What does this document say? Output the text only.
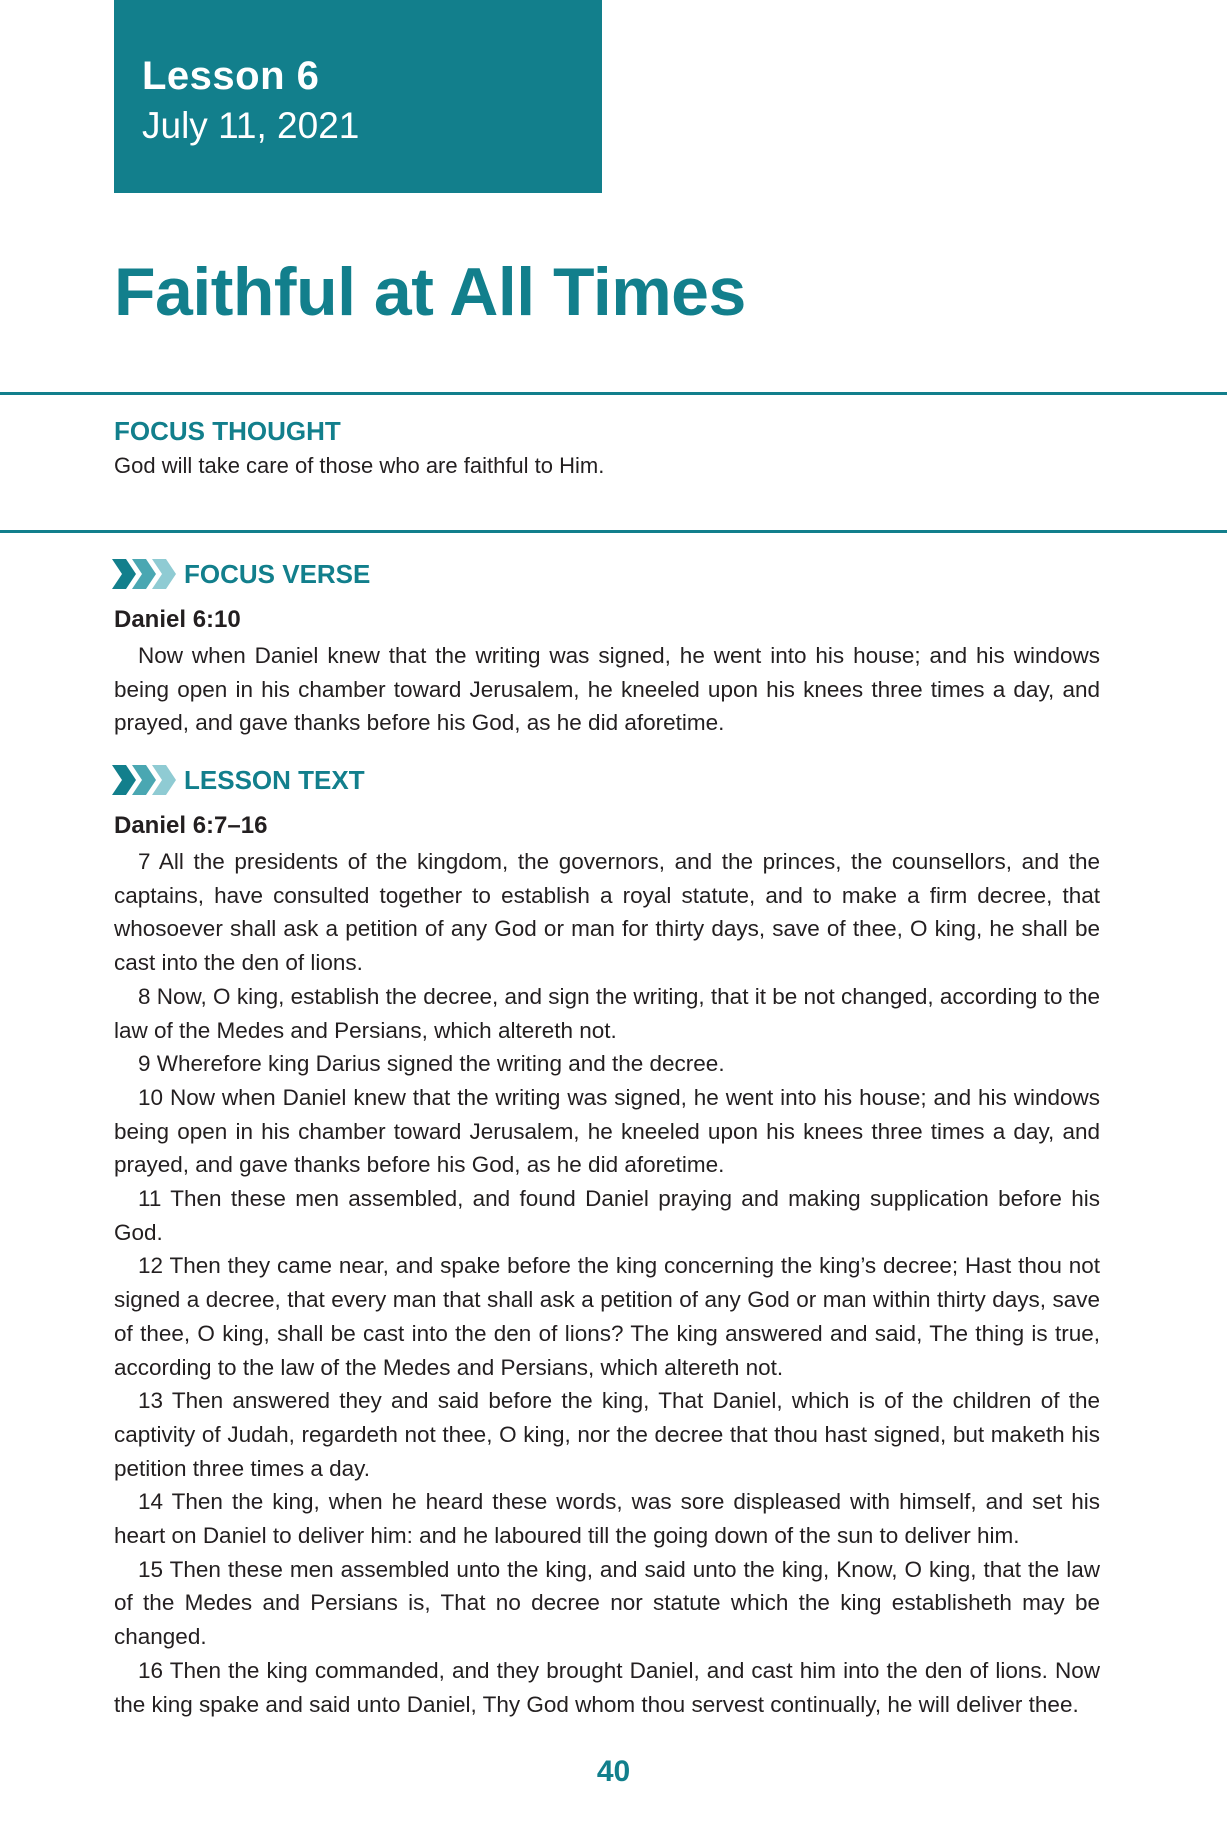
Lesson 6
July 11, 2021
Faithful at All Times
FOCUS THOUGHT
God will take care of those who are faithful to Him.
FOCUS VERSE
Daniel 6:10

Now when Daniel knew that the writing was signed, he went into his house; and his windows being open in his chamber toward Jerusalem, he kneeled upon his knees three times a day, and prayed, and gave thanks before his God, as he did aforetime.

LESSON TEXT
Daniel 6:7–16

7 All the presidents of the kingdom, the governors, and the princes, the counsellors, and the captains, have consulted together to establish a royal statute, and to make a firm decree, that whosoever shall ask a petition of any God or man for thirty days, save of thee, O king, he shall be cast into the den of lions.

8 Now, O king, establish the decree, and sign the writing, that it be not changed, according to the law of the Medes and Persians, which altereth not.

9 Wherefore king Darius signed the writing and the decree.

10 Now when Daniel knew that the writing was signed, he went into his house; and his windows being open in his chamber toward Jerusalem, he kneeled upon his knees three times a day, and prayed, and gave thanks before his God, as he did aforetime.

11 Then these men assembled, and found Daniel praying and making supplication before his God.

12 Then they came near, and spake before the king concerning the king’s decree; Hast thou not signed a decree, that every man that shall ask a petition of any God or man within thirty days, save of thee, O king, shall be cast into the den of lions? The king answered and said, The thing is true, according to the law of the Medes and Persians, which altereth not.

13 Then answered they and said before the king, That Daniel, which is of the children of the captivity of Judah, regardeth not thee, O king, nor the decree that thou hast signed, but maketh his petition three times a day.

14 Then the king, when he heard these words, was sore displeased with himself, and set his heart on Daniel to deliver him: and he laboured till the going down of the sun to deliver him.

15 Then these men assembled unto the king, and said unto the king, Know, O king, that the law of the Medes and Persians is, That no decree nor statute which the king establisheth may be changed.

16 Then the king commanded, and they brought Daniel, and cast him into the den of lions. Now the king spake and said unto Daniel, Thy God whom thou servest continually, he will deliver thee.

40
